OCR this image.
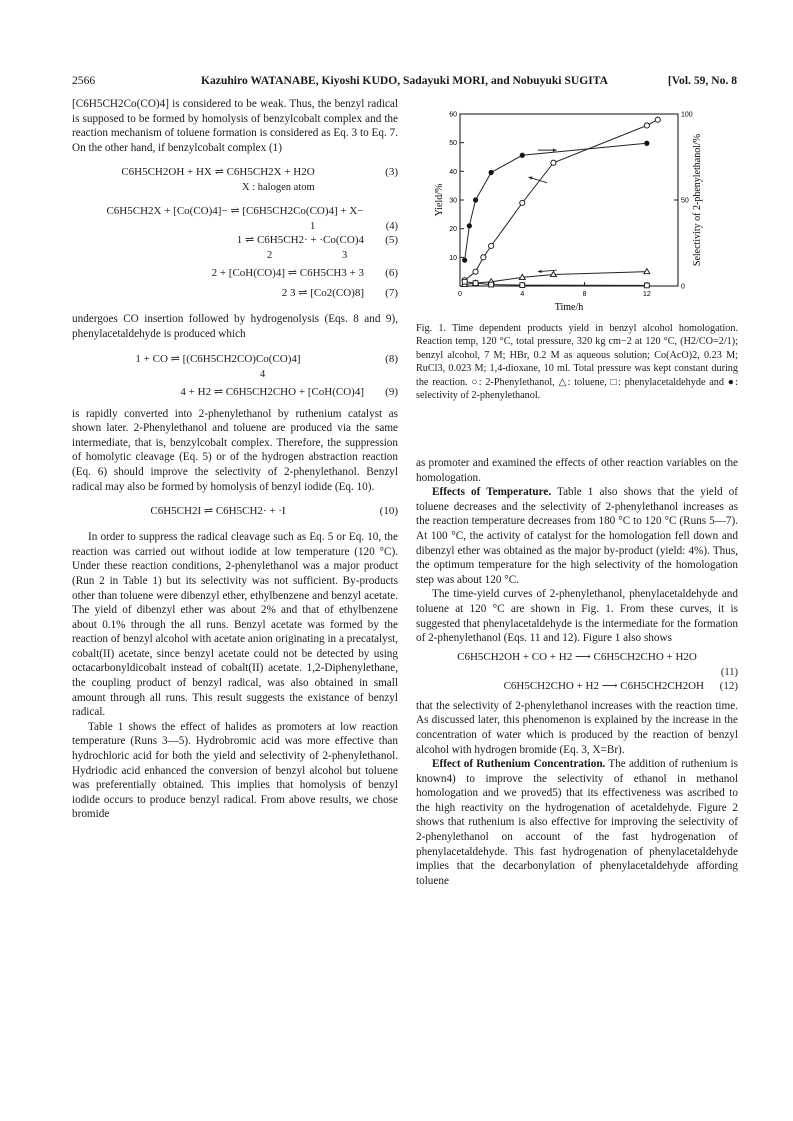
2566	Kazuhiro WATANABE, Kiyoshi KUDO, Sadayuki MORI, and Nobuyuki SUGITA	[Vol. 59, No. 8

[C6H5CH2Co(CO)4] is considered to be weak. Thus, the benzyl radical is supposed to be formed by homolysis of benzylcobalt complex and the reaction mechanism of toluene formation is considered as Eq. 3 to Eq. 7. On the other hand, if benzylcobalt complex (1)

C6H5CH2OH + HX ⇌ C6H5CH2X + H2O	(3)
X : halogen atom
C6H5CH2X + [Co(CO)4]− ⇌ [C6H5CH2Co(CO)4] + X−
1	(4)
1 ⇌ C6H5CH2· + ·Co(CO)4 (5)
2	3
2 + [CoH(CO)4] ⇌ C6H5CH3 + 3 (6)
2 3 ⇌ [Co2(CO)8] (7)

undergoes CO insertion followed by hydrogenolysis (Eqs. 8 and 9), phenylacetaldehyde is produced which

1 + CO ⇌ [(C6H5CH2CO)Co(CO)4]	(8)
4
4 + H2 ⇌ C6H5CH2CHO + [CoH(CO)4] (9)

is rapidly converted into 2-phenylethanol by ruthenium catalyst as shown later. 2-Phenylethanol and toluene are produced via the same intermediate, that is, benzylcobalt complex. Therefore, the suppression of homolytic cleavage (Eq. 5) or of the hydrogen abstraction reaction (Eq. 6) should improve the selectivity of 2-phenylethanol. Benzyl radical may also be formed by homolysis of benzyl iodide (Eq. 10).

C6H5CH2I ⇌ C6H5CH2· + ·I	(10)

In order to suppress the radical cleavage such as Eq. 5 or Eq. 10, the reaction was carried out without iodide at low temperature (120 °C). Under these reaction conditions, 2-phenylethanol was a major product (Run 2 in Table 1) but its selectivity was not sufficient. By-products other than toluene were dibenzyl ether, ethylbenzene and benzyl acetate. The yield of dibenzyl ether was about 2% and that of ethylbenzene about 0.1% through the all runs. Benzyl acetate was formed by the reaction of benzyl alcohol with acetate anion originating in a precatalyst, cobalt(II) acetate, since benzyl acetate could not be detected by using octacarbonyldicobalt instead of cobalt(II) acetate. 1,2-Diphenylethane, the coupling product of benzyl radical, was also obtained in small amount through all runs. This result suggests the existance of benzyl radical.

Table 1 shows the effect of halides as promoters at low reaction temperature (Runs 3—5). Hydrobromic acid was more effective than hydrochloric acid for both the yield and selectivity of 2-phenylethanol. Hydriodic acid enhanced the conversion of benzyl alcohol but toluene was preferentially obtained. This implies that homolysis of benzyl iodide occurs to produce benzyl radical. From above results, we chose bromide

0	4	8	12
10
20
30
40
50
60
0
50
100
Time/h
Yield/%	Selectivity of 2-phenylethanol/%

Fig. 1. Time dependent products yield in benzyl alcohol homologation. Reaction temp, 120 °C, total pressure, 320 kg cm−2 at 120 °C, (H2/CO=2/1); benzyl alcohol, 7 M; HBr, 0.2 M as aqueous solution; Co(AcO)2, 0.23 M; RuCl3, 0.023 M; 1,4-dioxane, 10 ml. Total pressure was kept constant during the reaction. ○: 2-Phenylethanol, △: toluene, □: phenylacetaldehyde and ●: selectivity of 2-phenylethanol.

as promoter and examined the effects of other reaction variables on the homologation.

Effects of Temperature. Table 1 also shows that the yield of toluene decreases and the selectivity of 2-phenylethanol increases as the reaction temperature decreases from 180 °C to 120 °C (Runs 5—7). At 100 °C, the activity of catalyst for the homologation fell down and dibenzyl ether was obtained as the major by-product (yield: 4%). Thus, the optimum temperature for the high selectivity of the homologation step was about 120 °C.

The time-yield curves of 2-phenylethanol, phenylacetaldehyde and toluene at 120 °C are shown in Fig. 1. From these curves, it is suggested that phenylacetaldehyde is the intermediate for the formation of 2-phenylethanol (Eqs. 11 and 12). Figure 1 also shows

C6H5CH2OH + CO + H2 ⟶ C6H5CH2CHO + H2O
(11)
C6H5CH2CHO + H2 ⟶ C6H5CH2CH2OH (12)

that the selectivity of 2-phenylethanol increases with the reaction time. As discussed later, this phenomenon is explained by the increase in the concentration of water which is produced by the reaction of benzyl alcohol with hydrogen bromide (Eq. 3, X=Br).

Effect of Ruthenium Concentration. The addition of ruthenium is known4) to improve the selectivity of ethanol in methanol homologation and we proved5) that its effectiveness was ascribed to the high reactivity on the hydrogenation of acetaldehyde. Figure 2 shows that ruthenium is also effective for improving the selectivity of 2-phenylethanol on account of the fast hydrogenation of phenylacetaldehyde. This fast hydrogenation of phenylacetaldehyde implies that the decarbonylation of phenylacetaldehyde affording toluene
